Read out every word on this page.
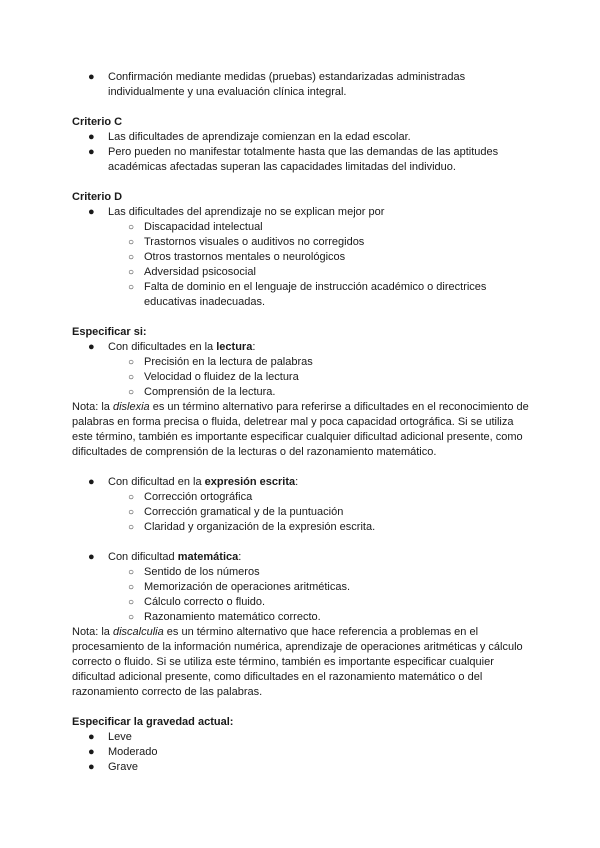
● Confirmación mediante medidas (pruebas) estandarizadas administradas individualmente y una evaluación clínica integral.
Criterio C
● Las dificultades de aprendizaje comienzan en la edad escolar.
● Pero pueden no manifestar totalmente hasta que las demandas de las aptitudes académicas afectadas superan las capacidades limitadas del individuo.
Criterio D
● Las dificultades del aprendizaje no se explican mejor por
○ Discapacidad intelectual
○ Trastornos visuales o auditivos no corregidos
○ Otros trastornos mentales o neurológicos
○ Adversidad psicosocial
○ Falta de dominio en el lenguaje de instrucción académico o directrices educativas inadecuadas.
Especificar si:
● Con dificultades en la lectura:
○ Precisión en la lectura de palabras
○ Velocidad o fluidez de la lectura
○ Comprensión de la lectura.
Nota: la dislexia es un término alternativo para referirse a dificultades en el reconocimiento de palabras en forma precisa o fluida, deletrear mal y poca capacidad ortográfica. Si se utiliza este término, también es importante especificar cualquier dificultad adicional presente, como dificultades de comprensión de la lecturas o del razonamiento matemático.
● Con dificultad en la expresión escrita:
○ Corrección ortográfica
○ Corrección gramatical y de la puntuación
○ Claridad y organización de la expresión escrita.
● Con dificultad matemática:
○ Sentido de los números
○ Memorización de operaciones aritméticas.
○ Cálculo correcto o fluido.
○ Razonamiento matemático correcto.
Nota: la discalculia es un término alternativo que hace referencia a problemas en el procesamiento de la información numérica, aprendizaje de operaciones aritméticas y cálculo correcto o fluido. Si se utiliza este término, también es importante especificar cualquier dificultad adicional presente, como dificultades en el razonamiento matemático o del razonamiento correcto de las palabras.
Especificar la gravedad actual:
● Leve
● Moderado
● Grave
